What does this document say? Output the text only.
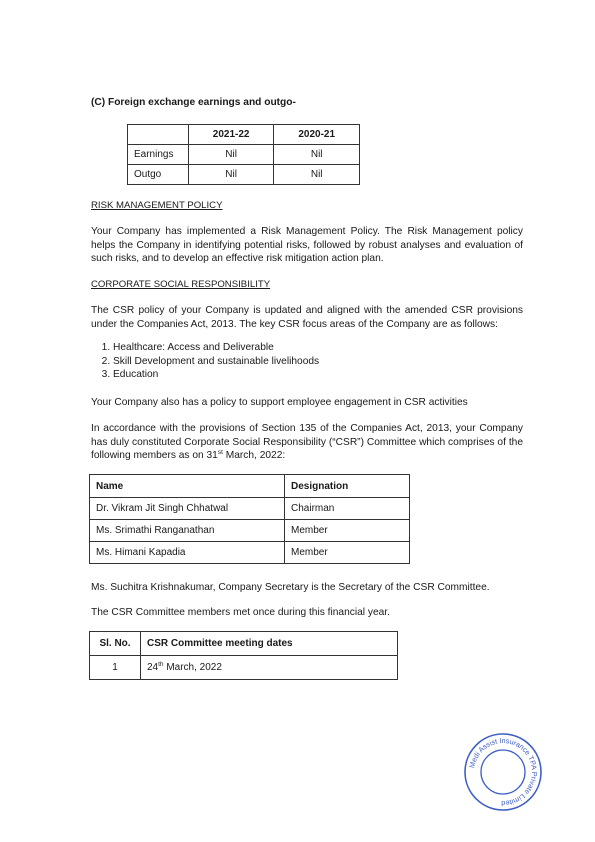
(C) Foreign exchange earnings and outgo-
	2021-22	2020-21
Earnings	Nil	Nil
Outgo	Nil	Nil
RISK MANAGEMENT POLICY
Your Company has implemented a Risk Management Policy. The Risk Management policy helps the Company in identifying potential risks, followed by robust analyses and evaluation of such risks, and to develop an effective risk mitigation action plan.
CORPORATE SOCIAL RESPONSIBILITY
The CSR policy of your Company is updated and aligned with the amended CSR provisions under the Companies Act, 2013. The key CSR focus areas of the Company are as follows:
1. Healthcare: Access and Deliverable
2. Skill Development and sustainable livelihoods
3. Education
Your Company also has a policy to support employee engagement in CSR activities
In accordance with the provisions of Section 135 of the Companies Act, 2013, your Company has duly constituted Corporate Social Responsibility (“CSR”) Committee which comprises of the following members as on 31st March, 2022:
Name	Designation
Dr. Vikram Jit Singh Chhatwal	Chairman
Ms. Srimathi Ranganathan	Member
Ms. Himani Kapadia	Member
Ms. Suchitra Krishnakumar, Company Secretary is the Secretary of the CSR Committee.
The CSR Committee members met once during this financial year.
Sl. No.	CSR Committee meeting dates
1	24th March, 2022
Medi Assist Insurance TPA Private Limited
